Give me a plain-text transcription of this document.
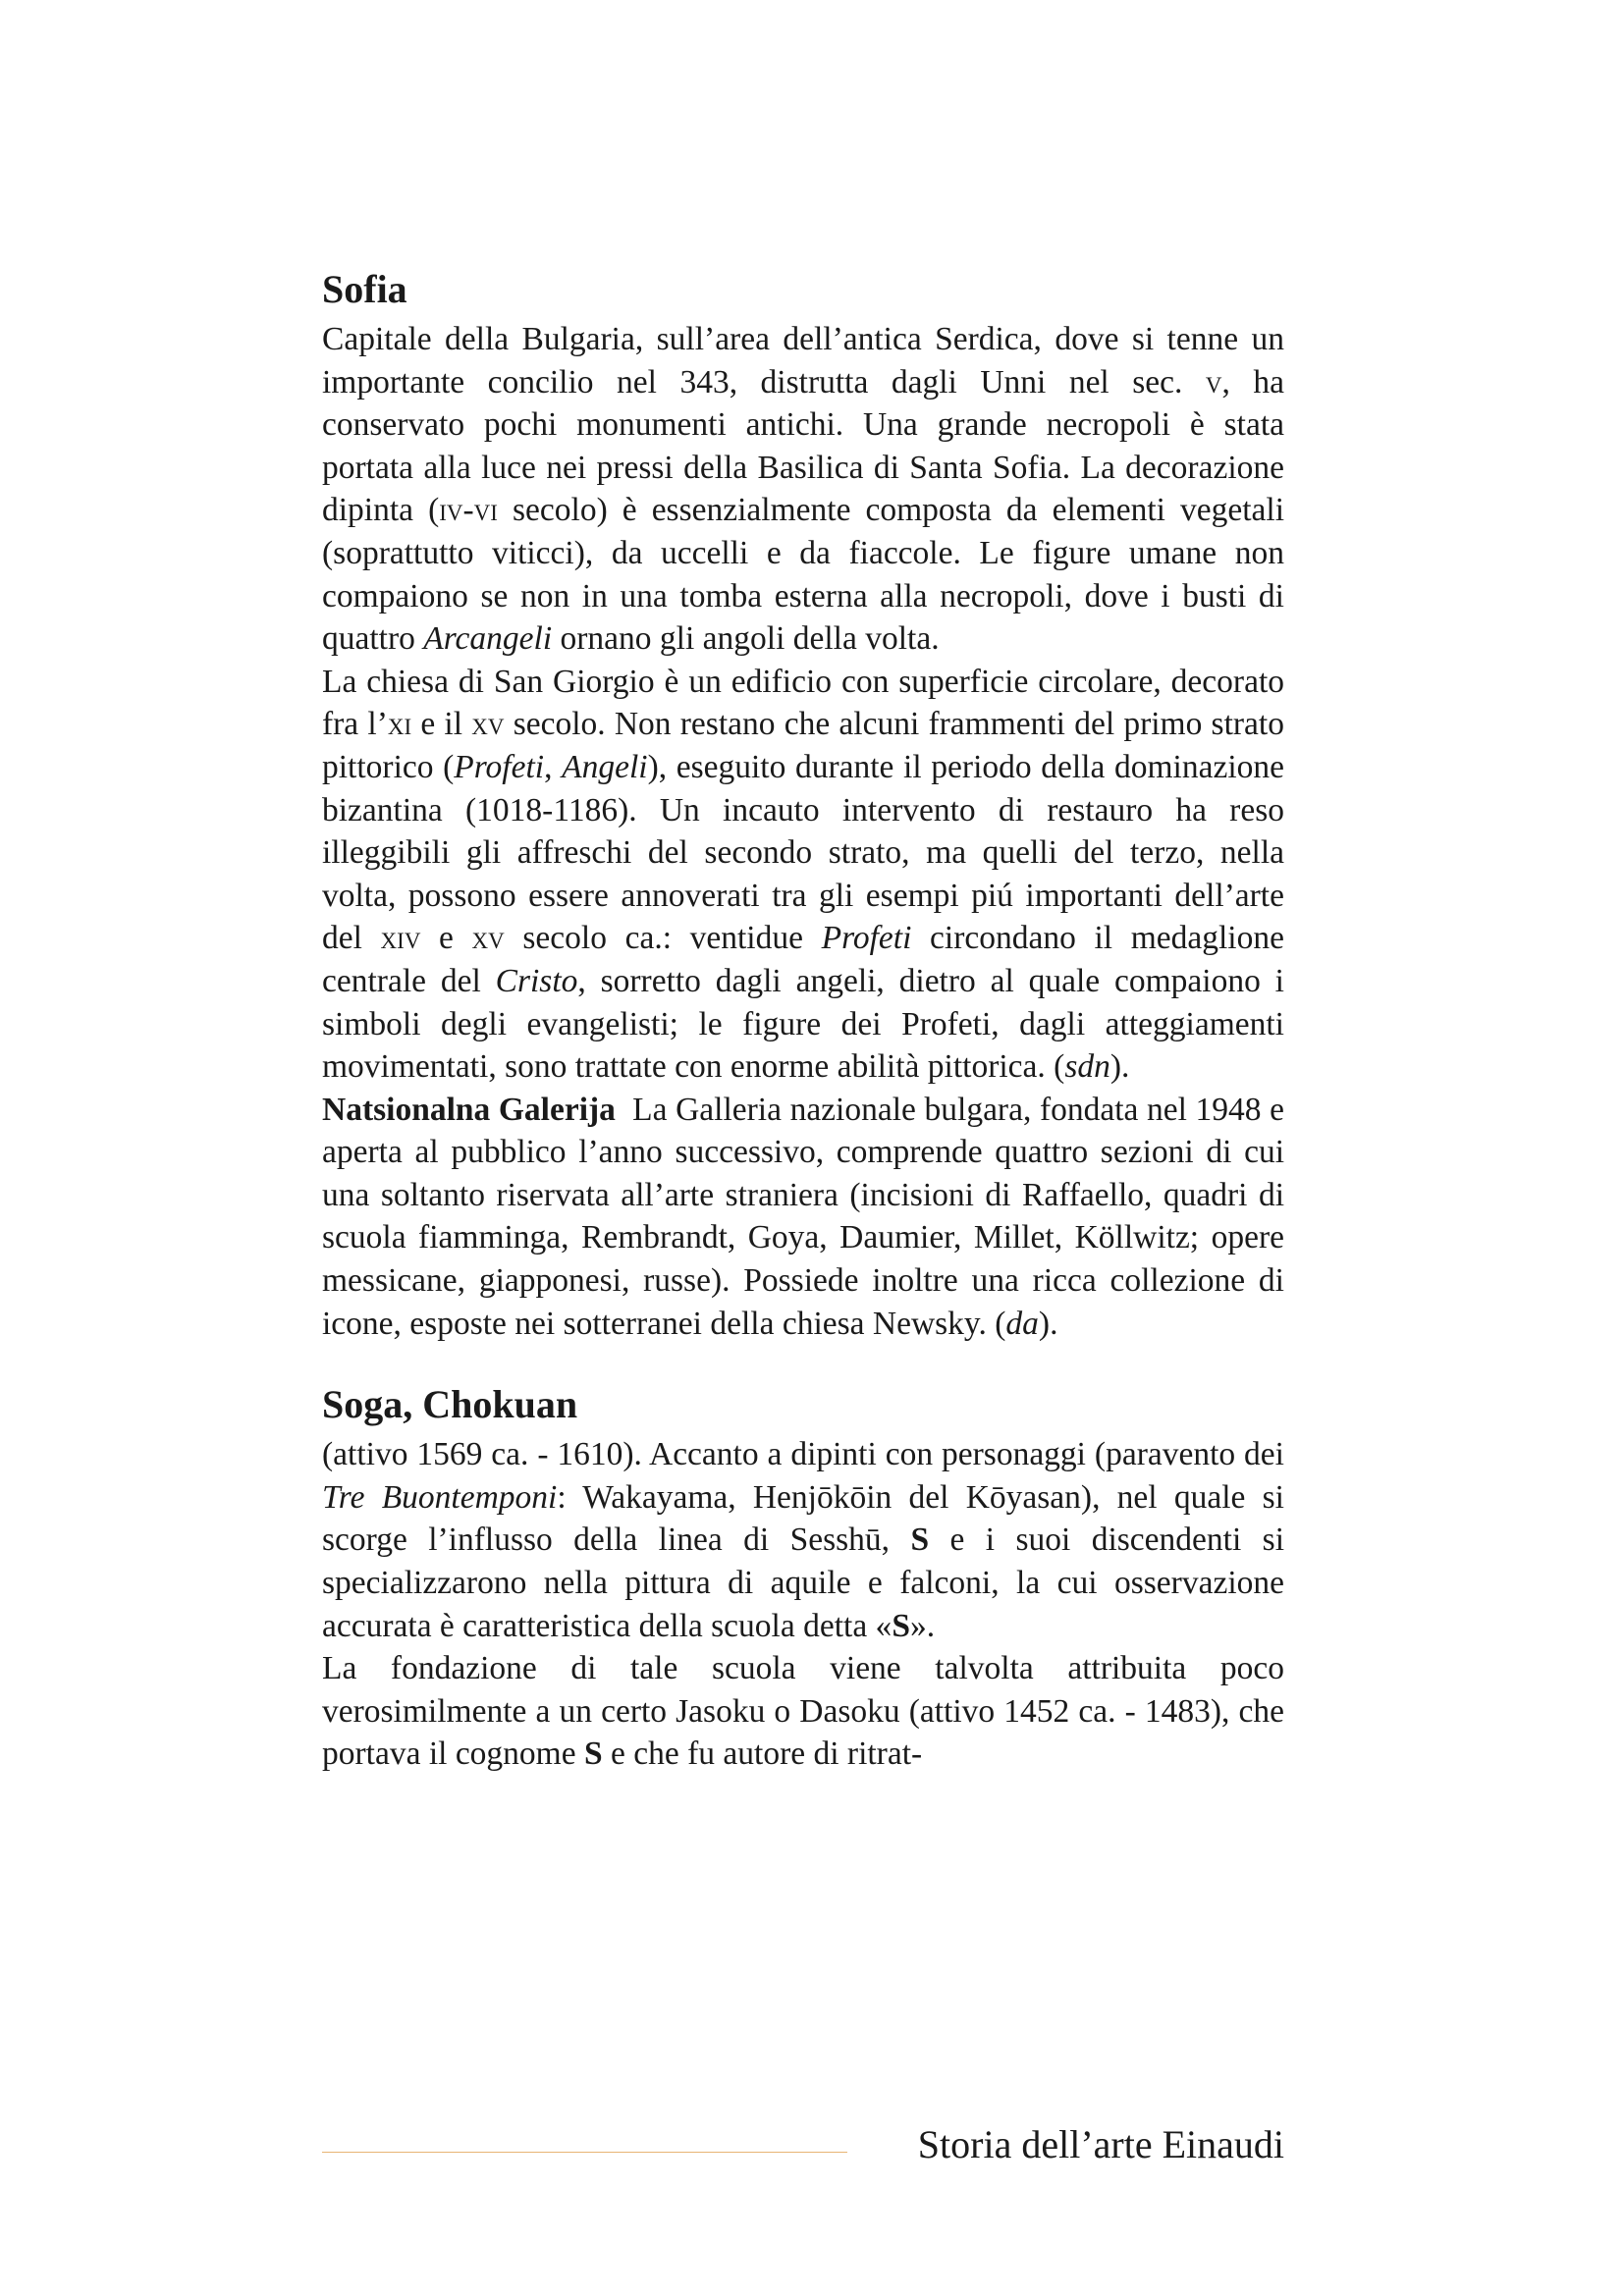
Sofia

Capitale della Bulgaria, sull’area dell’antica Serdica, dove si tenne un importante concilio nel 343, distrutta dagli Unni nel sec. v, ha conservato pochi monumenti antichi. Una grande necropoli è stata portata alla luce nei pressi della Basilica di Santa Sofia. La decorazione dipinta (iv-vi secolo) è essenzialmente composta da elementi vegetali (soprattutto viticci), da uccelli e da fiaccole. Le figure umane non compaiono se non in una tomba esterna alla necropoli, dove i busti di quattro Arcangeli ornano gli angoli della volta.

La chiesa di San Giorgio è un edificio con superficie circolare, decorato fra l’xi e il xv secolo. Non restano che alcuni frammenti del primo strato pittorico (Profeti, Angeli), eseguito durante il periodo della dominazione bizantina (1018-1186). Un incauto intervento di restauro ha reso illeggibili gli affreschi del secondo strato, ma quelli del terzo, nella volta, possono essere annoverati tra gli esempi piú importanti dell’arte del xiv e xv secolo ca.: ventidue Profeti circondano il medaglione centrale del Cristo, sorretto dagli angeli, dietro al quale compaiono i simboli degli evangelisti; le figure dei Profeti, dagli atteggiamenti movimentati, sono trattate con enorme abilità pittorica. (sdn).

Natsionalna Galerija  La Galleria nazionale bulgara, fondata nel 1948 e aperta al pubblico l’anno successivo, comprende quattro sezioni di cui una soltanto riservata all’arte straniera (incisioni di Raffaello, quadri di scuola fiamminga, Rembrandt, Goya, Daumier, Millet, Köllwitz; opere messicane, giapponesi, russe). Possiede inoltre una ricca collezione di icone, esposte nei sotterranei della chiesa Newsky. (da).

Soga, Chokuan

(attivo 1569 ca. - 1610). Accanto a dipinti con personaggi (paravento dei Tre Buontemponi: Wakayama, Henjōkōin del Kōyasan), nel quale si scorge l’influsso della linea di Sesshū, S e i suoi discendenti si specializzarono nella pittura di aquile e falconi, la cui osservazione accurata è caratteristica della scuola detta «S».

La fondazione di tale scuola viene talvolta attribuita poco verosimilmente a un certo Jasoku o Dasoku (attivo 1452 ca. - 1483), che portava il cognome S e che fu autore di ritrat-

Storia dell’arte Einaudi
